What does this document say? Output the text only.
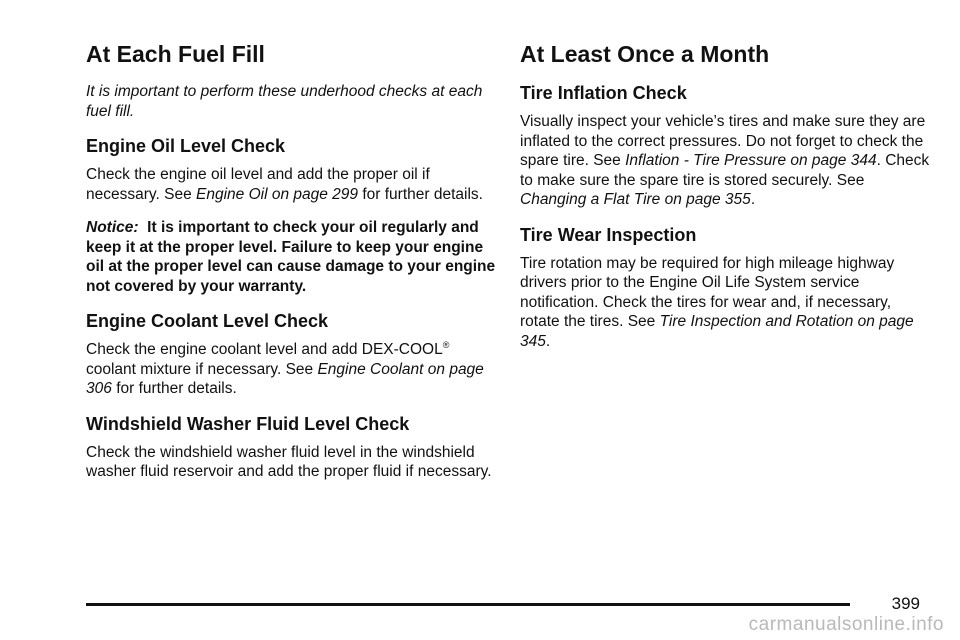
At Each Fuel Fill

It is important to perform these underhood checks at each fuel fill.

Engine Oil Level Check

Check the engine oil level and add the proper oil if necessary. See Engine Oil on page 299 for further details.

Notice: It is important to check your oil regularly and keep it at the proper level. Failure to keep your engine oil at the proper level can cause damage to your engine not covered by your warranty.

Engine Coolant Level Check

Check the engine coolant level and add DEX-COOL® coolant mixture if necessary. See Engine Coolant on page 306 for further details.

Windshield Washer Fluid Level Check

Check the windshield washer fluid level in the windshield washer fluid reservoir and add the proper fluid if necessary.

At Least Once a Month
Tire Inflation Check

Visually inspect your vehicle’s tires and make sure they are inflated to the correct pressures. Do not forget to check the spare tire. See Inflation - Tire Pressure on page 344. Check to make sure the spare tire is stored securely. See Changing a Flat Tire on page 355.

Tire Wear Inspection

Tire rotation may be required for high mileage highway drivers prior to the Engine Oil Life System service notification. Check the tires for wear and, if necessary, rotate the tires. See Tire Inspection and Rotation on page 345.

399
carmanualsonline.info
